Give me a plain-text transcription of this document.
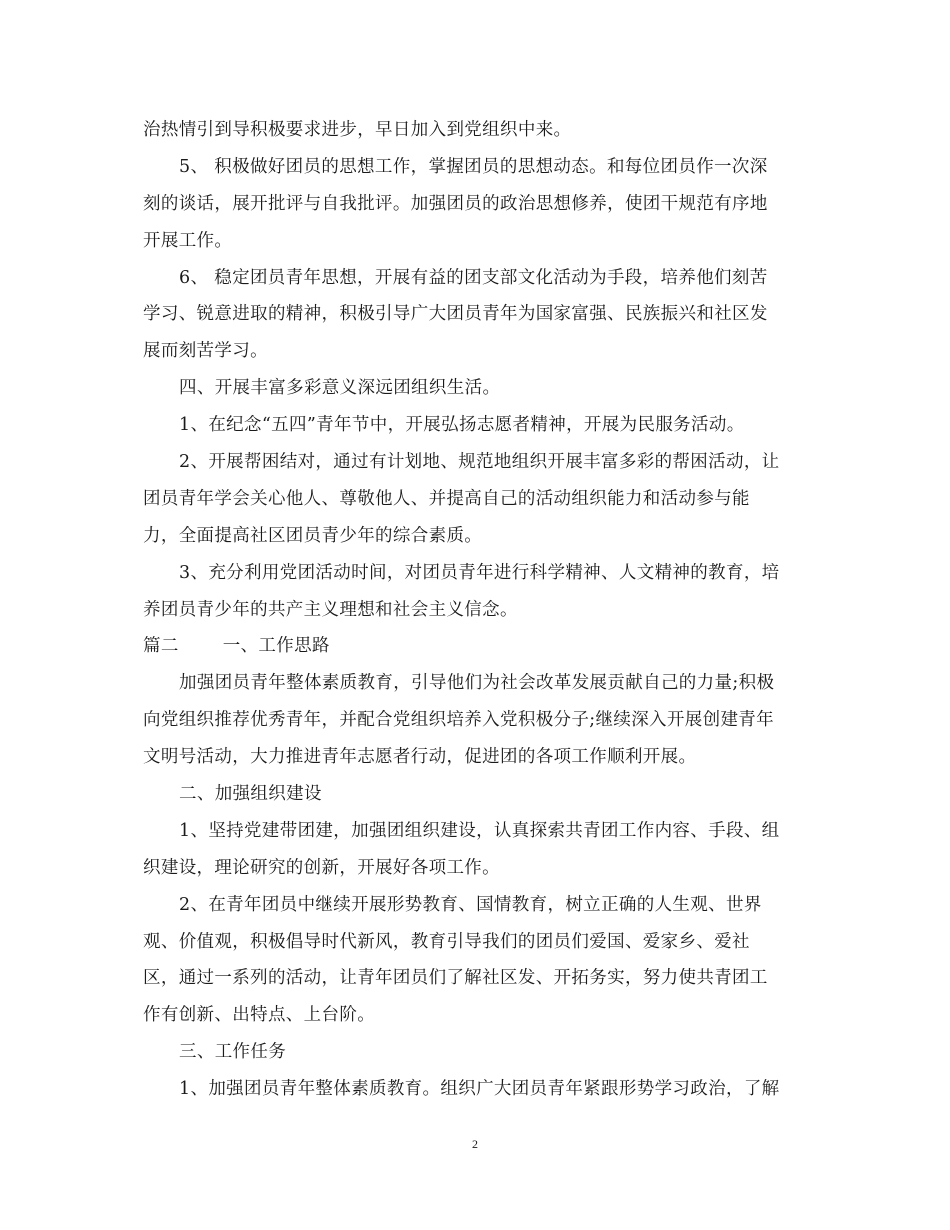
治热情引到导积极要求进步，早日加入到党组织中来。
5、 积极做好团员的思想工作，掌握团员的思想动态。和每位团员作一次深
刻的谈话，展开批评与自我批评。加强团员的政治思想修养，使团干规范有序地
开展工作。
6、 稳定团员青年思想，开展有益的团支部文化活动为手段，培养他们刻苦
学习、锐意进取的精神，积极引导广大团员青年为国家富强、民族振兴和社区发
展而刻苦学习。
四、开展丰富多彩意义深远团组织生活。
1、在纪念“五四”青年节中，开展弘扬志愿者精神，开展为民服务活动。
2、开展帮困结对，通过有计划地、规范地组织开展丰富多彩的帮困活动，让
团员青年学会关心他人、尊敬他人、并提高自己的活动组织能力和活动参与能
力，全面提高社区团员青少年的综合素质。
3、充分利用党团活动时间，对团员青年进行科学精神、人文精神的教育，培
养团员青少年的共产主义理想和社会主义信念。
篇二	一、工作思路
加强团员青年整体素质教育，引导他们为社会改革发展贡献自己的力量;积极
向党组织推荐优秀青年，并配合党组织培养入党积极分子;继续深入开展创建青年
文明号活动，大力推进青年志愿者行动，促进团的各项工作顺利开展。
二、加强组织建设
1、坚持党建带团建，加强团组织建设，认真探索共青团工作内容、手段、组
织建设，理论研究的创新，开展好各项工作。
2、在青年团员中继续开展形势教育、国情教育，树立正确的人生观、世界
观、价值观，积极倡导时代新风，教育引导我们的团员们爱国、爱家乡、爱社
区，通过一系列的活动，让青年团员们了解社区发、开拓务实，努力使共青团工
作有创新、出特点、上台阶。
三、工作任务
1、加强团员青年整体素质教育。组织广大团员青年紧跟形势学习政治，了解
2
